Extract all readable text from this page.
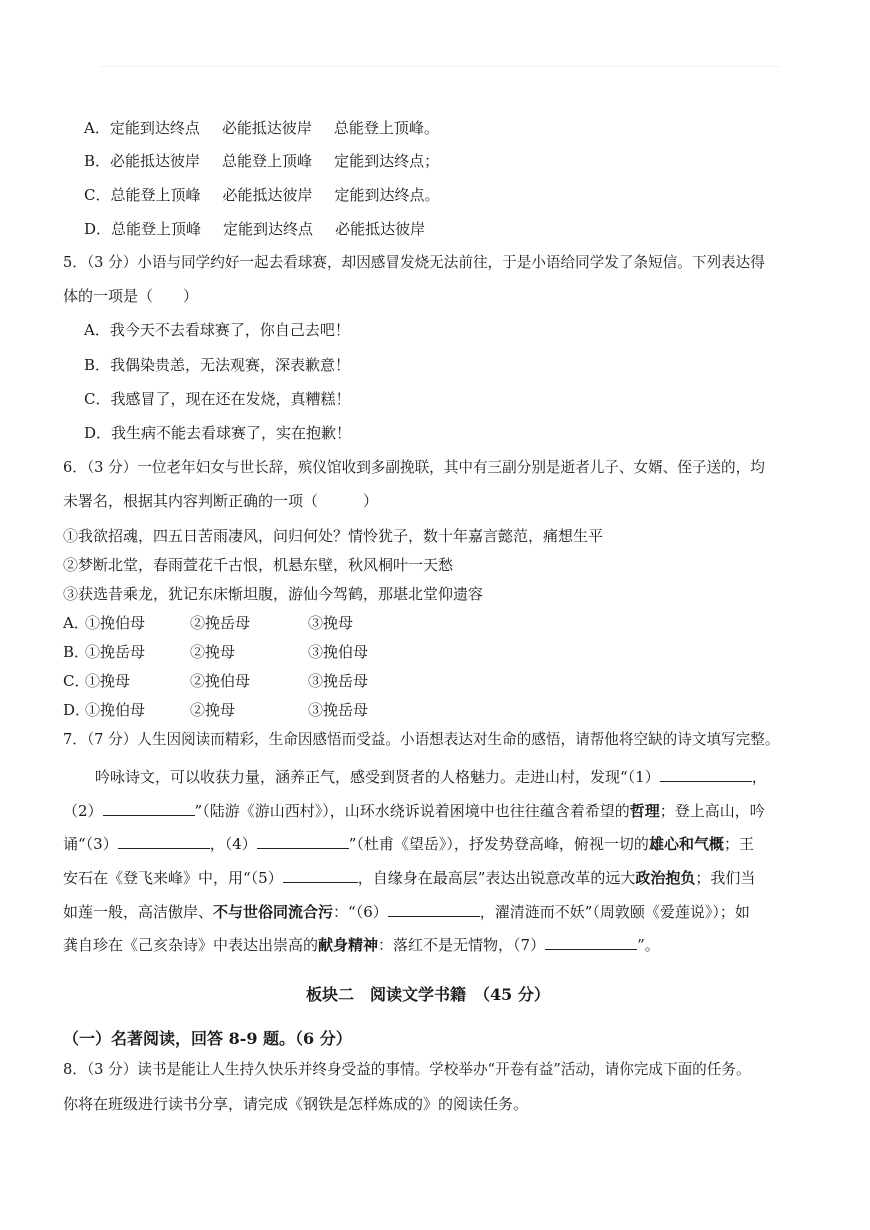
A．定能到达终点 必能抵达彼岸 总能登上顶峰。
B．必能抵达彼岸 总能登上顶峰 定能到达终点；
C．总能登上顶峰 必能抵达彼岸 定能到达终点。
D．总能登上顶峰 定能到达终点 必能抵达彼岸
5．（3 分）小语与同学约好一起去看球赛，却因感冒发烧无法前往，于是小语给同学发了条短信。下列表达得
体的一项是（　　）
A．我今天不去看球赛了，你自己去吧！
B．我偶染贵恙，无法观赛，深表歉意！
C．我感冒了，现在还在发烧，真糟糕！
D．我生病不能去看球赛了，实在抱歉！
6．（3 分）一位老年妇女与世长辞，殡仪馆收到多副挽联，其中有三副分别是逝者儿子、女婿、侄子送的，均
未署名，根据其内容判断正确的一项（　　　）
①我欲招魂，四五日苦雨凄风，问归何处？情怜犹子，数十年嘉言懿范，痛想生平
②梦断北堂，春雨萱花千古恨，机悬东壁，秋风桐叶一天愁
③获选昔乘龙，犹记东床惭坦腹，游仙今驾鹤，那堪北堂仰遗容
A．①挽伯母	②挽岳母	③挽母
B．①挽岳母	②挽母	③挽伯母
C．①挽母	②挽伯母	③挽岳母
D．①挽伯母	②挽母	③挽岳母
7．（7 分）人生因阅读而精彩，生命因感悟而受益。小语想表达对生命的感悟，请帮他将空缺的诗文填写完整。
吟咏诗文，可以收获力量，涵养正气，感受到贤者的人格魅力。走进山村，发现“（1）	，
（2）	”（陆游《游山西村》），山环水绕诉说着困境中也往往蕴含着希望的哲理；登上高山，吟
诵“（3）	，（4）	”（杜甫《望岳》），抒发势登高峰，俯视一切的雄心和气概；王
安石在《登飞来峰》中，用“（5）	，自缘身在最高层”表达出锐意改革的远大政治抱负；我们当
如莲一般，高洁傲岸、不与世俗同流合污：“（6）	，濯清涟而不妖”（周敦颐《爱莲说》）；如
龚自珍在《己亥杂诗》中表达出崇高的献身精神：落红不是无情物，（7）	”。
板块二　阅读文学书籍　（45 分）
（一）名著阅读，回答 8-9 题。（6 分）
8．（3 分）读书是能让人生持久快乐并终身受益的事情。学校举办“开卷有益”活动，请你完成下面的任务。
你将在班级进行读书分享，请完成《钢铁是怎样炼成的》的阅读任务。
